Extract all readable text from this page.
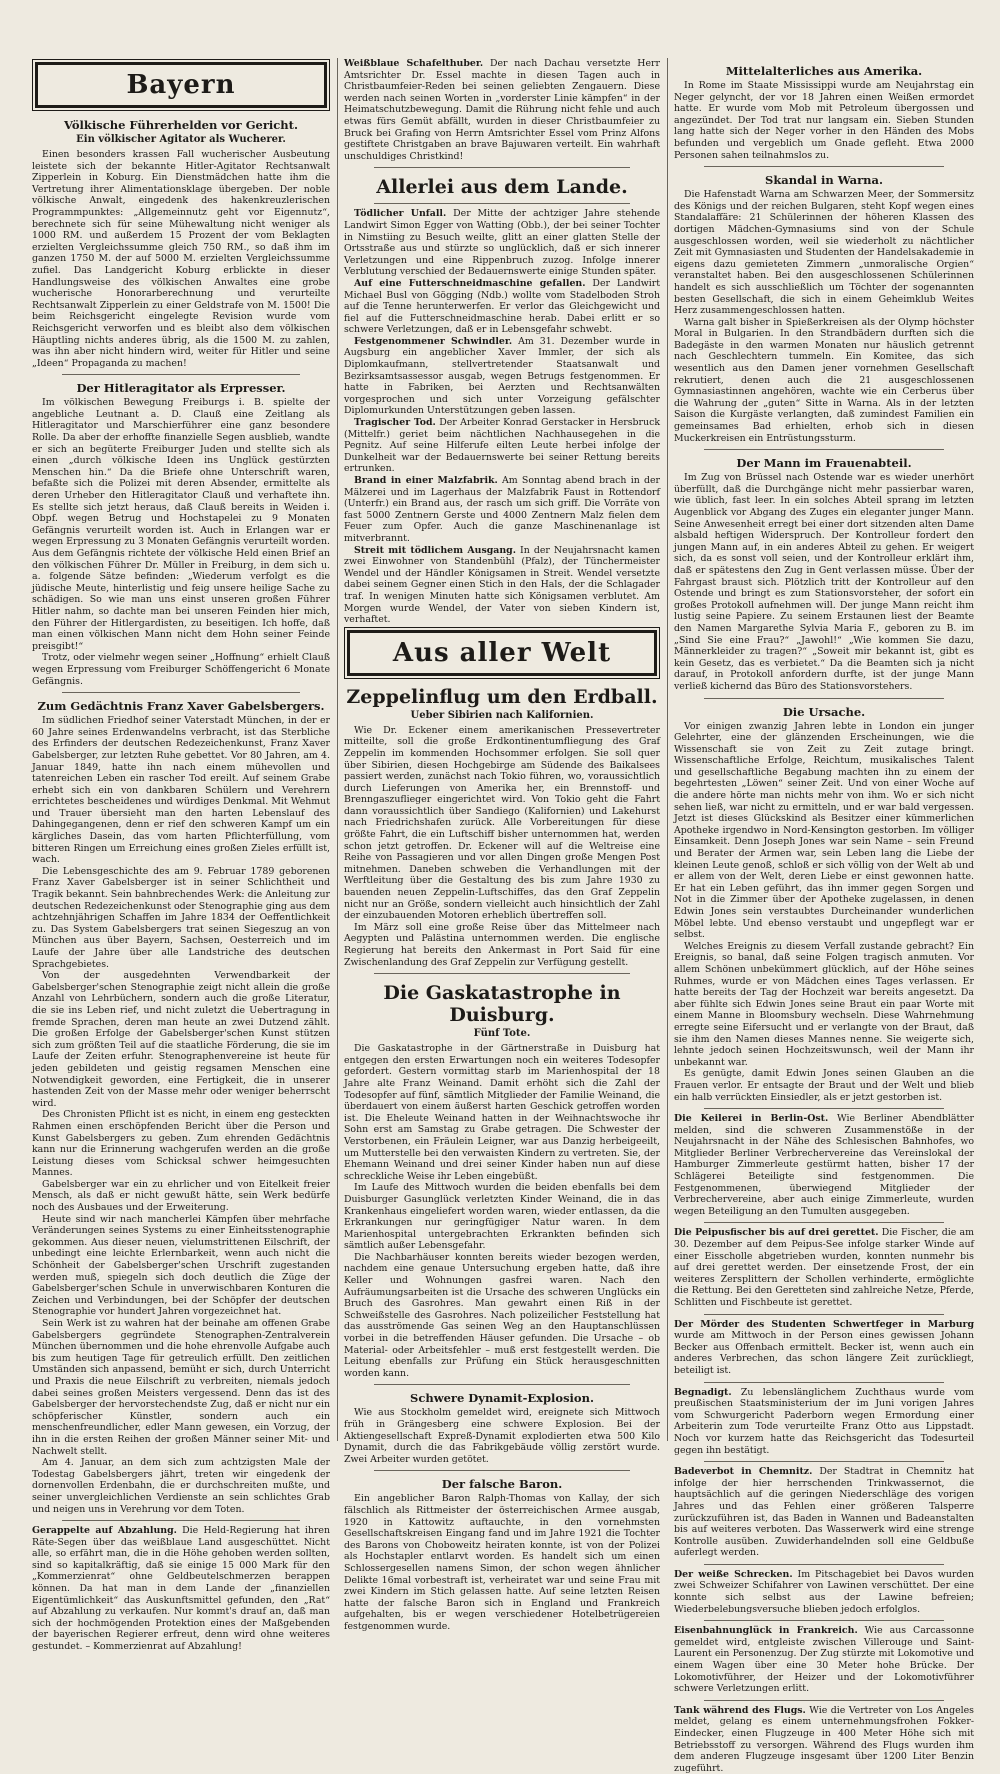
Bayern
Völkische Führerhelden vor Gericht.
Ein völkischer Agitator als Wucherer.

Einen besonders krassen Fall wucherischer Ausbeutung leistete sich der bekannte Hitler-Agitator Rechtsanwalt Zipperlein in Koburg. Ein Dienstmädchen hatte ihm die Vertretung ihrer Alimentationsklage übergeben. Der noble völkische Anwalt, eingedenk des hakenkreuzlerischen Programmpunktes: „Allgemeinnutz geht vor Eigennutz“, berechnete sich für seine Mühewaltung nicht weniger als 1000 RM. und außerdem 15 Prozent der vom Beklagten erzielten Vergleichssumme gleich 750 RM., so daß ihm im ganzen 1750 M. der auf 5000 M. erzielten Vergleichssumme zufiel. Das Landgericht Koburg erblickte in dieser Handlungsweise des völkischen Anwaltes eine grobe wucherische Honorarberechnung und verurteilte Rechtsanwalt Zipperlein zu einer Geldstrafe von M. 1500! Die beim Reichsgericht eingelegte Revision wurde vom Reichsgericht verworfen und es bleibt also dem völkischen Häuptling nichts anderes übrig, als die 1500 M. zu zahlen, was ihn aber nicht hindern wird, weiter für Hitler und seine „Ideen“ Propaganda zu machen!

Der Hitleragitator als Erpresser.

Im völkischen Bewegung Freiburgs i. B. spielte der angebliche Leutnant a. D. Clauß eine Zeitlang als Hitleragitator und Marschierführer eine ganz besondere Rolle. Da aber der erhoffte finanzielle Segen ausblieb, wandte er sich an begüterte Freiburger Juden und stellte sich als einen „durch völkische Ideen ins Unglück gestürzten Menschen hin.“ Da die Briefe ohne Unterschrift waren, befaßte sich die Polizei mit deren Absender, ermittelte als deren Urheber den Hitleragitator Clauß und verhaftete ihn. Es stellte sich jetzt heraus, daß Clauß bereits in Weiden i. Obpf. wegen Betrug und Hochstapelei zu 9 Monaten Gefängnis verurteilt worden ist. Auch in Erlangen war er wegen Erpressung zu 3 Monaten Gefängnis verurteilt worden. Aus dem Gefängnis richtete der völkische Held einen Brief an den völkischen Führer Dr. Müller in Freiburg, in dem sich u. a. folgende Sätze befinden: „Wiederum verfolgt es die jüdische Meute, hinterlistig und feig unsere heilige Sache zu schädigen. So wie man uns einst unseren großen Führer Hitler nahm, so dachte man bei unseren Feinden hier mich, den Führer der Hitlergardisten, zu beseitigen. Ich hoffe, daß man einen völkischen Mann nicht dem Hohn seiner Feinde preisgibt!“

Trotz, oder vielmehr wegen seiner „Hoffnung“ erhielt Clauß wegen Erpressung vom Freiburger Schöffengericht 6 Monate Gefängnis.

Zum Gedächtnis Franz Xaver Gabelsbergers.

Im südlichen Friedhof seiner Vaterstadt München, in der er 60 Jahre seines Erdenwandelns verbracht, ist das Sterbliche des Erfinders der deutschen Redezeichenkunst, Franz Xaver Gabelsberger, zur letzten Ruhe gebettet. Vor 80 Jahren, am 4. Januar 1849, hatte ihn nach einem mühevollen und tatenreichen Leben ein rascher Tod ereilt. Auf seinem Grabe erhebt sich ein von dankbaren Schülern und Verehrern errichtetes bescheidenes und würdiges Denkmal. Mit Wehmut und Trauer übersieht man den harten Lebenslauf des Dahingegangenen, denn er rief den schweren Kampf um ein kärgliches Dasein, das vom harten Pflichterfüllung, vom bitteren Ringen um Erreichung eines großen Zieles erfüllt ist, wach.

Die Lebensgeschichte des am 9. Februar 1789 geborenen Franz Xaver Gabelsberger ist in seiner Schlichtheit und Tragik bekannt. Sein bahnbrechendes Werk: die Anleitung zur deutschen Redezeichenkunst oder Stenographie ging aus dem achtzehnjährigen Schaffen im Jahre 1834 der Oeffentlichkeit zu. Das System Gabelsbergers trat seinen Siegeszug an von München aus über Bayern, Sachsen, Oesterreich und im Laufe der Jahre über alle Landstriche des deutschen Sprachgebietes.

Von der ausgedehnten Verwendbarkeit der Gabelsberger'schen Stenographie zeigt nicht allein die große Anzahl von Lehrbüchern, sondern auch die große Literatur, die sie ins Leben rief, und nicht zuletzt die Uebertragung in fremde Sprachen, deren man heute an zwei Dutzend zählt. Die großen Erfolge der Gabelsberger'schen Kunst stützen sich zum größten Teil auf die staatliche Förderung, die sie im Laufe der Zeiten erfuhr. Stenographenvereine ist heute für jeden gebildeten und geistig regsamen Menschen eine Notwendigkeit geworden, eine Fertigkeit, die in unserer hastenden Zeit von der Masse mehr oder weniger beherrscht wird.

Des Chronisten Pflicht ist es nicht, in einem eng gesteckten Rahmen einen erschöpfenden Bericht über die Person und Kunst Gabelsbergers zu geben. Zum ehrenden Gedächtnis kann nur die Erinnerung wachgerufen werden an die große Leistung dieses vom Schicksal schwer heimgesuchten Mannes.

Gabelsberger war ein zu ehrlicher und von Eitelkeit freier Mensch, als daß er nicht gewußt hätte, sein Werk bedürfe noch des Ausbaues und der Erweiterung.

Heute sind wir nach mancherlei Kämpfen über mehrfache Veränderungen seines Systems zu einer Einheitsstenographie gekommen. Aus dieser neuen, vielumstrittenen Eilschrift, der unbedingt eine leichte Erlernbarkeit, wenn auch nicht die Schönheit der Gabelsberger'schen Urschrift zugestanden werden muß, spiegeln sich doch deutlich die Züge der Gabelsberger'schen Schule in unverwischbaren Konturen die Zeichen und Verbindungen, bei der Schöpfer der deutschen Stenographie vor hundert Jahren vorgezeichnet hat.

Sein Werk ist zu wahren hat der beinahe am offenen Grabe Gabelsbergers gegründete Stenographen-Zentralverein München übernommen und die hohe ehrenvolle Aufgabe auch bis zum heutigen Tage für getreulich erfüllt. Den zeitlichen Umständen sich anpassend, bemüht er sich, durch Unterricht und Praxis die neue Eilschrift zu verbreiten, niemals jedoch dabei seines großen Meisters vergessend. Denn das ist des Gabelsberger der hervorstechendste Zug, daß er nicht nur ein schöpferischer Künstler, sondern auch ein menschenfreundlicher, edler Mann gewesen, ein Vorzug, der ihn in die ersten Reihen der großen Männer seiner Mit- und Nachwelt stellt.

Am 4. Januar, an dem sich zum achtzigsten Male der Todestag Gabelsbergers jährt, treten wir eingedenk der dornenvollen Erdenbahn, die er durchschreiten mußte, und seiner unvergleichlichen Verdienste an sein schlichtes Grab und neigen uns in Verehrung vor dem Toten.

Gerappelte auf Abzahlung. Die Held-Regierung hat ihren Räte-Segen über das weißblaue Land ausgeschüttet. Nicht alle, so erfährt man, die in die Höhe gehoben werden sollten, sind so kapitalkräftig, daß sie einige 15 000 Mark für den „Kommerzienrat“ ohne Geldbeutelschmerzen berappen können. Da hat man in dem Lande der „finanziellen Eigentümlichkeit“ das Auskunftsmittel gefunden, den „Rat“ auf Abzahlung zu verkaufen. Nur kommt's drauf an, daß man sich der hochmögenden Protektion eines der Maßgebenden der bayerischen Regierer erfreut, denn wird ohne weiteres gestundet. – Kommerzienrat auf Abzahlung!

Weißblaue Schafelthuber. Der nach Dachau versetzte Herr Amtsrichter Dr. Essel machte in diesen Tagen auch in Christbaumfeier-Reden bei seinen geliebten Zengauern. Diese werden nach seinen Worten in „vorderster Linie kämpfen“ in der Heimatschutzbewegung. Damit die Rührung nicht fehle und auch etwas fürs Gemüt abfällt, wurden in dieser Christbaumfeier zu Bruck bei Grafing von Herrn Amtsrichter Essel vom Prinz Alfons gestiftete Christgaben an brave Bajuwaren verteilt. Ein wahrhaft unschuldiges Christkind!

Allerlei aus dem Lande.

Tödlicher Unfall. Der Mitte der achtziger Jahre stehende Landwirt Simon Egger von Watting (Obb.), der bei seiner Tochter in Nimstiing zu Besuch weilte, glitt an einer glatten Stelle der Ortsstraße aus und stürzte so unglücklich, daß er sich innerer Verletzungen und eine Rippenbruch zuzog. Infolge innerer Verblutung verschied der Bedauernswerte einige Stunden später.

Auf eine Futterschneidmaschine gefallen. Der Landwirt Michael Busl von Gögging (Ndb.) wollte vom Stadelboden Stroh auf die Tenne herunterwerfen. Er verlor das Gleichgewicht und fiel auf die Futterschneidmaschine herab. Dabei erlitt er so schwere Verletzungen, daß er in Lebensgefahr schwebt.

Festgenommener Schwindler. Am 31. Dezember wurde in Augsburg ein angeblicher Xaver Immler, der sich als Diplomkaufmann, stellvertretender Staatsanwalt und Bezirksamtsassessor ausgab, wegen Betrugs festgenommen. Er hatte in Fabriken, bei Aerzten und Rechtsanwälten vorgesprochen und sich unter Vorzeigung gefälschter Diplomurkunden Unterstützungen geben lassen.

Tragischer Tod. Der Arbeiter Konrad Gerstacker in Hersbruck (Mittelfr.) geriet beim nächtlichen Nachhausegehen in die Pegnitz. Auf seine Hilferufe eilten Leute herbei infolge der Dunkelheit war der Bedauernswerte bei seiner Rettung bereits ertrunken.

Brand in einer Malzfabrik. Am Sonntag abend brach in der Mälzerei und im Lagerhaus der Malzfabrik Faust in Rottendorf (Unterfr.) ein Brand aus, der rasch um sich griff. Die Vorräte von fast 5000 Zentnern Gerste und 4000 Zentnern Malz fielen dem Feuer zum Opfer. Auch die ganze Maschinenanlage ist mitverbrannt.

Streit mit tödlichem Ausgang. In der Neujahrsnacht kamen zwei Einwohner von Standenbühl (Pfalz), der Tünchermeister Wendel und der Händler Königsamen in Streit. Wendel versetzte dabei seinem Gegner einen Stich in den Hals, der die Schlagader traf. In wenigen Minuten hatte sich Königsamen verblutet. Am Morgen wurde Wendel, der Vater von sieben Kindern ist, verhaftet.

Aus aller Welt
Zeppelinflug um den Erdball.
Ueber Sibirien nach Kalifornien.

Wie Dr. Eckener einem amerikanischen Pressevertreter mitteilte, soll die große Erdkontinentumfliegung des Graf Zeppelin im kommenden Hochsommer erfolgen. Sie soll quer über Sibirien, diesen Hochgebirge am Südende des Baikalsees passiert werden, zunächst nach Tokio führen, wo, voraussichtlich durch Lieferungen von Amerika her, ein Brennstoff- und Brenngaszuflieger eingerichtet wird. Von Tokio geht die Fahrt dann voraussichtlich über Sandiego (Kalifornien) und Lakehurst nach Friedrichshafen zurück. Alle Vorbereitungen für diese größte Fahrt, die ein Luftschiff bisher unternommen hat, werden schon jetzt getroffen. Dr. Eckener will auf die Weltreise eine Reihe von Passagieren und vor allen Dingen große Mengen Post mitnehmen. Daneben schweben die Verhandlungen mit der Werftleitung über die Gestaltung des bis zum Jahre 1930 zu bauenden neuen Zeppelin-Luftschiffes, das den Graf Zeppelin nicht nur an Größe, sondern vielleicht auch hinsichtlich der Zahl der einzubauenden Motoren erheblich übertreffen soll.

Im März soll eine große Reise über das Mittelmeer nach Aegypten und Palästina unternommen werden. Die englische Regierung hat bereits den Ankermast in Port Said für eine Zwischenlandung des Graf Zeppelin zur Verfügung gestellt.

Die Gaskatastrophe in Duisburg.
Fünf Tote.

Die Gaskatastrophe in der Gärtnerstraße in Duisburg hat entgegen den ersten Erwartungen noch ein weiteres Todesopfer gefordert. Gestern vormittag starb im Marienhospital der 18 Jahre alte Franz Weinand. Damit erhöht sich die Zahl der Todesopfer auf fünf, sämtlich Mitglieder der Familie Weinand, die überdauert von einem äußerst harten Geschick getroffen worden ist. Die Eheleute Weinand hatten in der Weihnachtswoche ihr Sohn erst am Samstag zu Grabe getragen. Die Schwester der Verstorbenen, ein Fräulein Leigner, war aus Danzig herbeigeeilt, um Mutterstelle bei den verwaisten Kindern zu vertreten. Sie, der Ehemann Weinand und drei seiner Kinder haben nun auf diese schreckliche Weise ihr Leben eingebüßt.

Im Laufe des Mittwoch wurden die beiden ebenfalls bei dem Duisburger Gasunglück verletzten Kinder Weinand, die in das Krankenhaus eingeliefert worden waren, wieder entlassen, da die Erkrankungen nur geringfügiger Natur waren. In dem Marienhospital untergebrachten Erkrankten befinden sich sämtlich außer Lebensgefahr.

Die Nachbarhäuser konnten bereits wieder bezogen werden, nachdem eine genaue Untersuchung ergeben hatte, daß ihre Keller und Wohnungen gasfrei waren. Nach den Aufräumungsarbeiten ist die Ursache des schweren Unglücks ein Bruch des Gasrohres. Man gewahrt einen Riß in der Schweißstelle des Gasrohres. Nach polizeilicher Feststellung hat das ausströmende Gas seinen Weg an den Hauptanschlüssen vorbei in die betreffenden Häuser gefunden. Die Ursache – ob Material- oder Arbeitsfehler – muß erst festgestellt werden. Die Leitung ebenfalls zur Prüfung ein Stück herausgeschnitten worden kann.

Schwere Dynamit-Explosion.

Wie aus Stockholm gemeldet wird, ereignete sich Mittwoch früh in Grängesberg eine schwere Explosion. Bei der Aktiengesellschaft Expreß-Dynamit explodierten etwa 500 Kilo Dynamit, durch die das Fabrikgebäude völlig zerstört wurde. Zwei Arbeiter wurden getötet.

Der falsche Baron.

Ein angeblicher Baron Ralph-Thomas von Kallay, der sich fälschlich als Rittmeister der österreichischen Armee ausgab, 1920 in Kattowitz auftauchte, in den vornehmsten Gesellschaftskreisen Eingang fand und im Jahre 1921 die Tochter des Barons von Choboweitz heiraten konnte, ist von der Polizei als Hochstapler entlarvt worden. Es handelt sich um einen Schlossergesellen namens Simon, der schon wegen ähnlicher Delikte 16mal vorbestraft ist, verheiratet war und seine Frau mit zwei Kindern im Stich gelassen hatte. Auf seine letzten Reisen hatte der falsche Baron sich in England und Frankreich aufgehalten, bis er wegen verschiedener Hotelbetrügereien festgenommen wurde.

Mittelalterliches aus Amerika.

In Rome im Staate Mississippi wurde am Neujahrstag ein Neger gelyncht, der vor 18 Jahren einen Weißen ermordet hatte. Er wurde vom Mob mit Petroleum übergossen und angezündet. Der Tod trat nur langsam ein. Sieben Stunden lang hatte sich der Neger vorher in den Händen des Mobs befunden und vergeblich um Gnade gefleht. Etwa 2000 Personen sahen teilnahmslos zu.

Skandal in Warna.

Die Hafenstadt Warna am Schwarzen Meer, der Sommersitz des Königs und der reichen Bulgaren, steht Kopf wegen eines Standalaffäre: 21 Schülerinnen der höheren Klassen des dortigen Mädchen-Gymnasiums sind von der Schule ausgeschlossen worden, weil sie wiederholt zu nächtlicher Zeit mit Gymnasiasten und Studenten der Handelsakademie in eigens dazu gemieteten Zimmern „unmoralische Orgien“ veranstaltet haben. Bei den ausgeschlossenen Schülerinnen handelt es sich ausschließlich um Töchter der sogenannten besten Gesellschaft, die sich in einem Geheimklub Weites Herz zusammengeschlossen hatten.

Warna galt bisher in Spießerkreisen als der Olymp höchster Moral in Bulgarien. In den Strandbädern durften sich die Badegäste in den warmen Monaten nur häuslich getrennt nach Geschlechtern tummeln. Ein Komitee, das sich wesentlich aus den Damen jener vornehmen Gesellschaft rekrutiert, denen auch die 21 ausgeschlossenen Gymnasiastinnen angehören, wachte wie ein Cerberus über die Wahrung der „guten“ Sitte in Warna. Als in der letzten Saison die Kurgäste verlangten, daß zumindest Familien ein gemeinsames Bad erhielten, erhob sich in diesen Muckerkreisen ein Entrüstungssturm.

Der Mann im Frauenabteil.

Im Zug von Brüssel nach Ostende war es wieder unerhört überfüllt, daß die Durchgänge nicht mehr passierbar waren, wie üblich, fast leer. In ein solches Abteil sprang im letzten Augenblick vor Abgang des Zuges ein eleganter junger Mann. Seine Anwesenheit erregt bei einer dort sitzenden alten Dame alsbald heftigen Widerspruch. Der Kontrolleur fordert den jungen Mann auf, in ein anderes Abteil zu gehen. Er weigert sich, da es sonst voll seien, und der Kontrolleur erklärt ihm, daß er spätestens den Zug in Gent verlassen müsse. Über der Fahrgast braust sich. Plötzlich tritt der Kontrolleur auf den Ostende und bringt es zum Stationsvorsteher, der sofort ein großes Protokoll aufnehmen will. Der junge Mann reicht ihm lustig seine Papiere. Zu seinem Erstaunen liest der Beamte den Namen Margarethe Sylvia Maria F., geboren zu B. im „Sind Sie eine Frau?“ „Jawohl!“ „Wie kommen Sie dazu, Männerkleider zu tragen?“ „Soweit mir bekannt ist, gibt es kein Gesetz, das es verbietet.“ Da die Beamten sich ja nicht darauf, in Protokoll anfordern durfte, ist der junge Mann verließ kichernd das Büro des Stationsvorstehers.

Die Ursache.

Vor einigen zwanzig Jahren lebte in London ein junger Gelehrter, eine der glänzenden Erscheinungen, wie die Wissenschaft sie von Zeit zu Zeit zutage bringt. Wissenschaftliche Erfolge, Reichtum, musikalisches Talent und gesellschaftliche Begabung machten ihn zu einem der begehrtesten „Löwen“ seiner Zeit. Und von einer Woche auf die andere hörte man nichts mehr von ihm. Wo er sich nicht sehen ließ, war nicht zu ermitteln, und er war bald vergessen. Jetzt ist dieses Glückskind als Besitzer einer kümmerlichen Apotheke irgendwo in Nord-Kensington gestorben. Im völliger Einsamkeit. Denn Joseph Jones war sein Name – sein Freund und Berater der Armen war, sein Leben lang die Liebe der kleinen Leute genoß, schloß er sich völlig von der Welt ab und er allem von der Welt, deren Liebe er einst gewonnen hatte. Er hat ein Leben geführt, das ihn immer gegen Sorgen und Not in die Zimmer über der Apotheke zugelassen, in denen Edwin Jones sein verstaubtes Durcheinander wunderlichen Möbel lebte. Und ebenso verstaubt und ungepflegt war er selbst.

Welches Ereignis zu diesem Verfall zustande gebracht? Ein Ereignis, so banal, daß seine Folgen tragisch anmuten. Vor allem Schönen unbekümmert glücklich, auf der Höhe seines Ruhmes, wurde er von Mädchen eines Tages verlassen. Er hatte bereits der Tag der Hochzeit war bereits angesetzt. Da aber fühlte sich Edwin Jones seine Braut ein paar Worte mit einem Manne in Bloomsbury wechseln. Diese Wahrnehmung erregte seine Eifersucht und er verlangte von der Braut, daß sie ihm den Namen dieses Mannes nenne. Sie weigerte sich, lehnte jedoch seinen Hochzeitswunsch, weil der Mann ihr unbekannt war.

Es genügte, damit Edwin Jones seinen Glauben an die Frauen verlor. Er entsagte der Braut und der Welt und blieb ein halb verrückten Einsiedler, als er jetzt gestorben ist.

Die Keilerei in Berlin-Ost. Wie Berliner Abendblätter melden, sind die schweren Zusammenstöße in der Neujahrsnacht in der Nähe des Schlesischen Bahnhofes, wo Mitglieder Berliner Verbrechervereine das Vereinslokal der Hamburger Zimmerleute gestürmt hatten, bisher 17 der Schlägerei Beteiligte sind festgenommen. Die Festgenommenen, überwiegend Mitglieder der Verbrechervereine, aber auch einige Zimmerleute, wurden wegen Beteiligung an den Tumulten ausgegeben.

Die Peipusfischer bis auf drei gerettet. Die Fischer, die am 30. Dezember auf dem Peipus-See infolge starker Winde auf einer Eisscholle abgetrieben wurden, konnten nunmehr bis auf drei gerettet werden. Der einsetzende Frost, der ein weiteres Zersplittern der Schollen verhinderte, ermöglichte die Rettung. Bei den Geretteten sind zahlreiche Netze, Pferde, Schlitten und Fischbeute ist gerettet.

Der Mörder des Studenten Schwertfeger in Marburg wurde am Mittwoch in der Person eines gewissen Johann Becker aus Offenbach ermittelt. Becker ist, wenn auch ein anderes Verbrechen, das schon längere Zeit zurückliegt, beteiligt ist.

Begnadigt. Zu lebenslänglichem Zuchthaus wurde vom preußischen Staatsministerium der im Juni vorigen Jahres vom Schwurgericht Paderborn wegen Ermordung einer Arbeiterin zum Tode verurteilte Franz Otto aus Lippstadt. Noch vor kurzem hatte das Reichsgericht das Todesurteil gegen ihn bestätigt.

Badeverbot in Chemnitz. Der Stadtrat in Chemnitz hat infolge der hier herrschenden Trinkwassernot, die hauptsächlich auf die geringen Niederschläge des vorigen Jahres und das Fehlen einer größeren Talsperre zurückzuführen ist, das Baden in Wannen und Badeanstalten bis auf weiteres verboten. Das Wasserwerk wird eine strenge Kontrolle ausüben. Zuwiderhandelnden soll eine Geldbuße auferlegt werden.

Der weiße Schrecken. Im Pitschagebiet bei Davos wurden zwei Schweizer Schifahrer von Lawinen verschüttet. Der eine konnte sich selbst aus der Lawine befreien; Wiederbelebungsversuche blieben jedoch erfolglos.

Eisenbahnunglück in Frankreich. Wie aus Carcassonne gemeldet wird, entgleiste zwischen Villerouge und Saint-Laurent ein Personenzug. Der Zug stürzte mit Lokomotive und einem Wagen über eine 30 Meter hohe Brücke. Der Lokomotivführer, der Heizer und der Lokomotivführer schwere Verletzungen erlitt.

Tank während des Flugs. Wie die Vertreter von Los Angeles meldet, gelang es einem unternehmungsfrohen Fokker-Eindecker, einen Flugzeuge in 400 Meter Höhe sich mit Betriebsstoff zu versorgen. Während des Flugs wurden ihm dem anderen Flugzeuge insgesamt über 1200 Liter Benzin zugeführt.
